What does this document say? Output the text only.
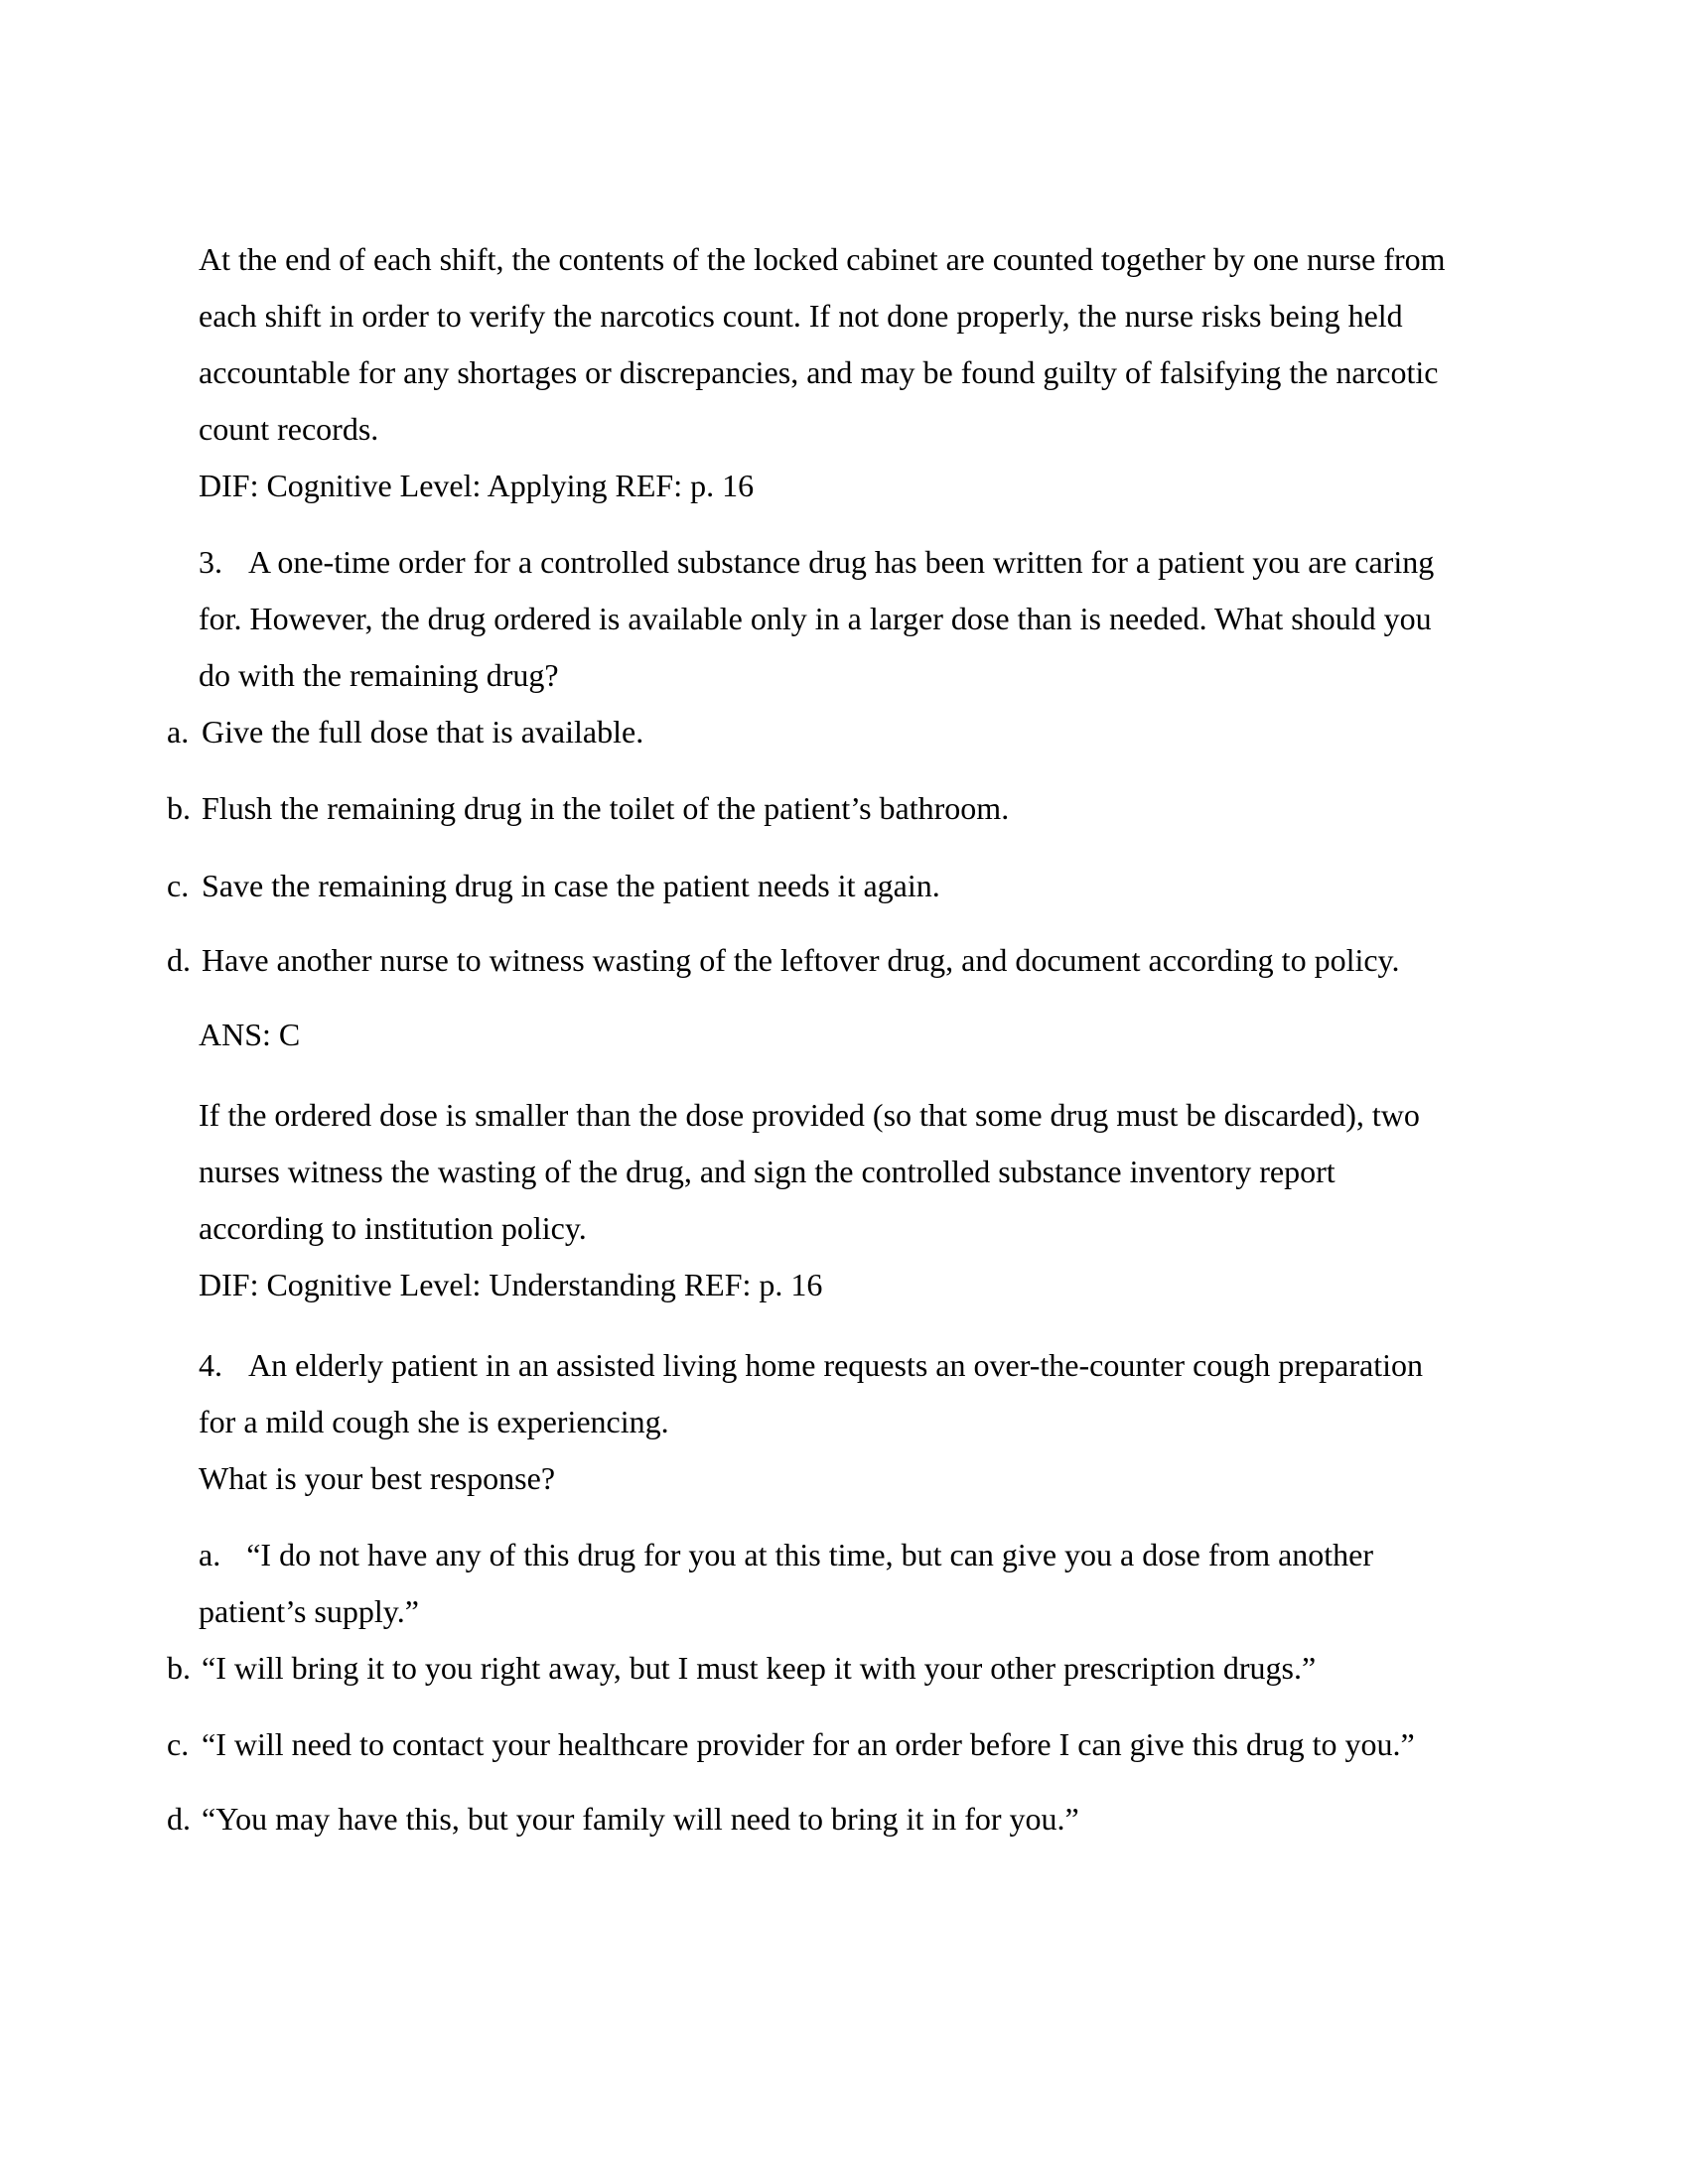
At the end of each shift, the contents of the locked cabinet are counted together by one nurse from
each shift in order to verify the narcotics count. If not done properly, the nurse risks being held
accountable for any shortages or discrepancies, and may be found guilty of falsifying the narcotic
count records.
DIF: Cognitive Level: Applying REF: p. 16
3. A one-time order for a controlled substance drug has been written for a patient you are caring
for. However, the drug ordered is available only in a larger dose than is needed. What should you
do with the remaining drug?
a. Give the full dose that is available.
b. Flush the remaining drug in the toilet of the patient’s bathroom.
c. Save the remaining drug in case the patient needs it again.
d. Have another nurse to witness wasting of the leftover drug, and document according to policy.
ANS: C
If the ordered dose is smaller than the dose provided (so that some drug must be discarded), two
nurses witness the wasting of the drug, and sign the controlled substance inventory report
according to institution policy.
DIF: Cognitive Level: Understanding REF: p. 16
4. An elderly patient in an assisted living home requests an over-the-counter cough preparation
for a mild cough she is experiencing.
What is your best response?
a. “I do not have any of this drug for you at this time, but can give you a dose from another
patient’s supply.”
b. “I will bring it to you right away, but I must keep it with your other prescription drugs.”
c. “I will need to contact your healthcare provider for an order before I can give this drug to you.”
d. “You may have this, but your family will need to bring it in for you.”
